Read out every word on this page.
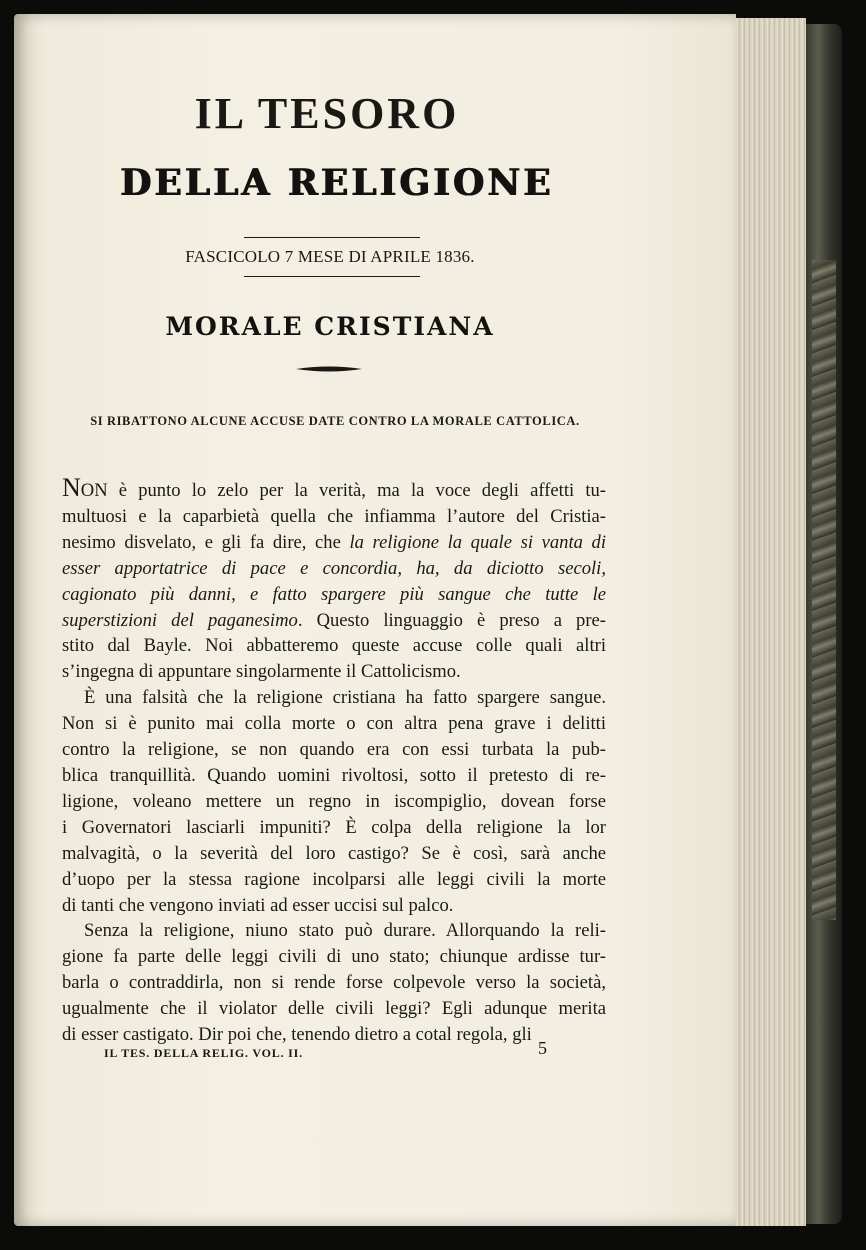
IL TESORO
DELLA RELIGIONE
FASCICOLO 7 MESE DI APRILE 1836.
MORALE CRISTIANA
SI RIBATTONO ALCUNE ACCUSE DATE CONTRO LA MORALE CATTOLICA.
NON è punto lo zelo per la verità, ma la voce degli affetti tu-
multuosi e la caparbietà quella che infiamma l’autore del Cristia-
nesimo disvelato, e gli fa dire, che la religione la quale si vanta di
esser apportatrice di pace e concordia, ha, da diciotto secoli,
cagionato più danni, e fatto spargere più sangue che tutte le
superstizioni del paganesimo. Questo linguaggio è preso a pre-
stito dal Bayle. Noi abbatteremo queste accuse colle quali altri
s’ingegna di appuntare singolarmente il Cattolicismo.
È una falsità che la religione cristiana ha fatto spargere sangue.
Non si è punito mai colla morte o con altra pena grave i delitti
contro la religione, se non quando era con essi turbata la pub-
blica tranquillità. Quando uomini rivoltosi, sotto il pretesto di re-
ligione, voleano mettere un regno in iscompiglio, dovean forse
i Governatori lasciarli impuniti? È colpa della religione la lor
malvagità, o la severità del loro castigo? Se è così, sarà anche
d’uopo per la stessa ragione incolparsi alle leggi civili la morte
di tanti che vengono inviati ad esser uccisi sul palco.
Senza la religione, niuno stato può durare. Allorquando la reli-
gione fa parte delle leggi civili di uno stato; chiunque ardisse tur-
barla o contraddirla, non si rende forse colpevole verso la società,
ugualmente che il violator delle civili leggi? Egli adunque merita
di esser castigato. Dir poi che, tenendo dietro a cotal regola, gli
IL TES. DELLA RELIG. VOL. II.	5
